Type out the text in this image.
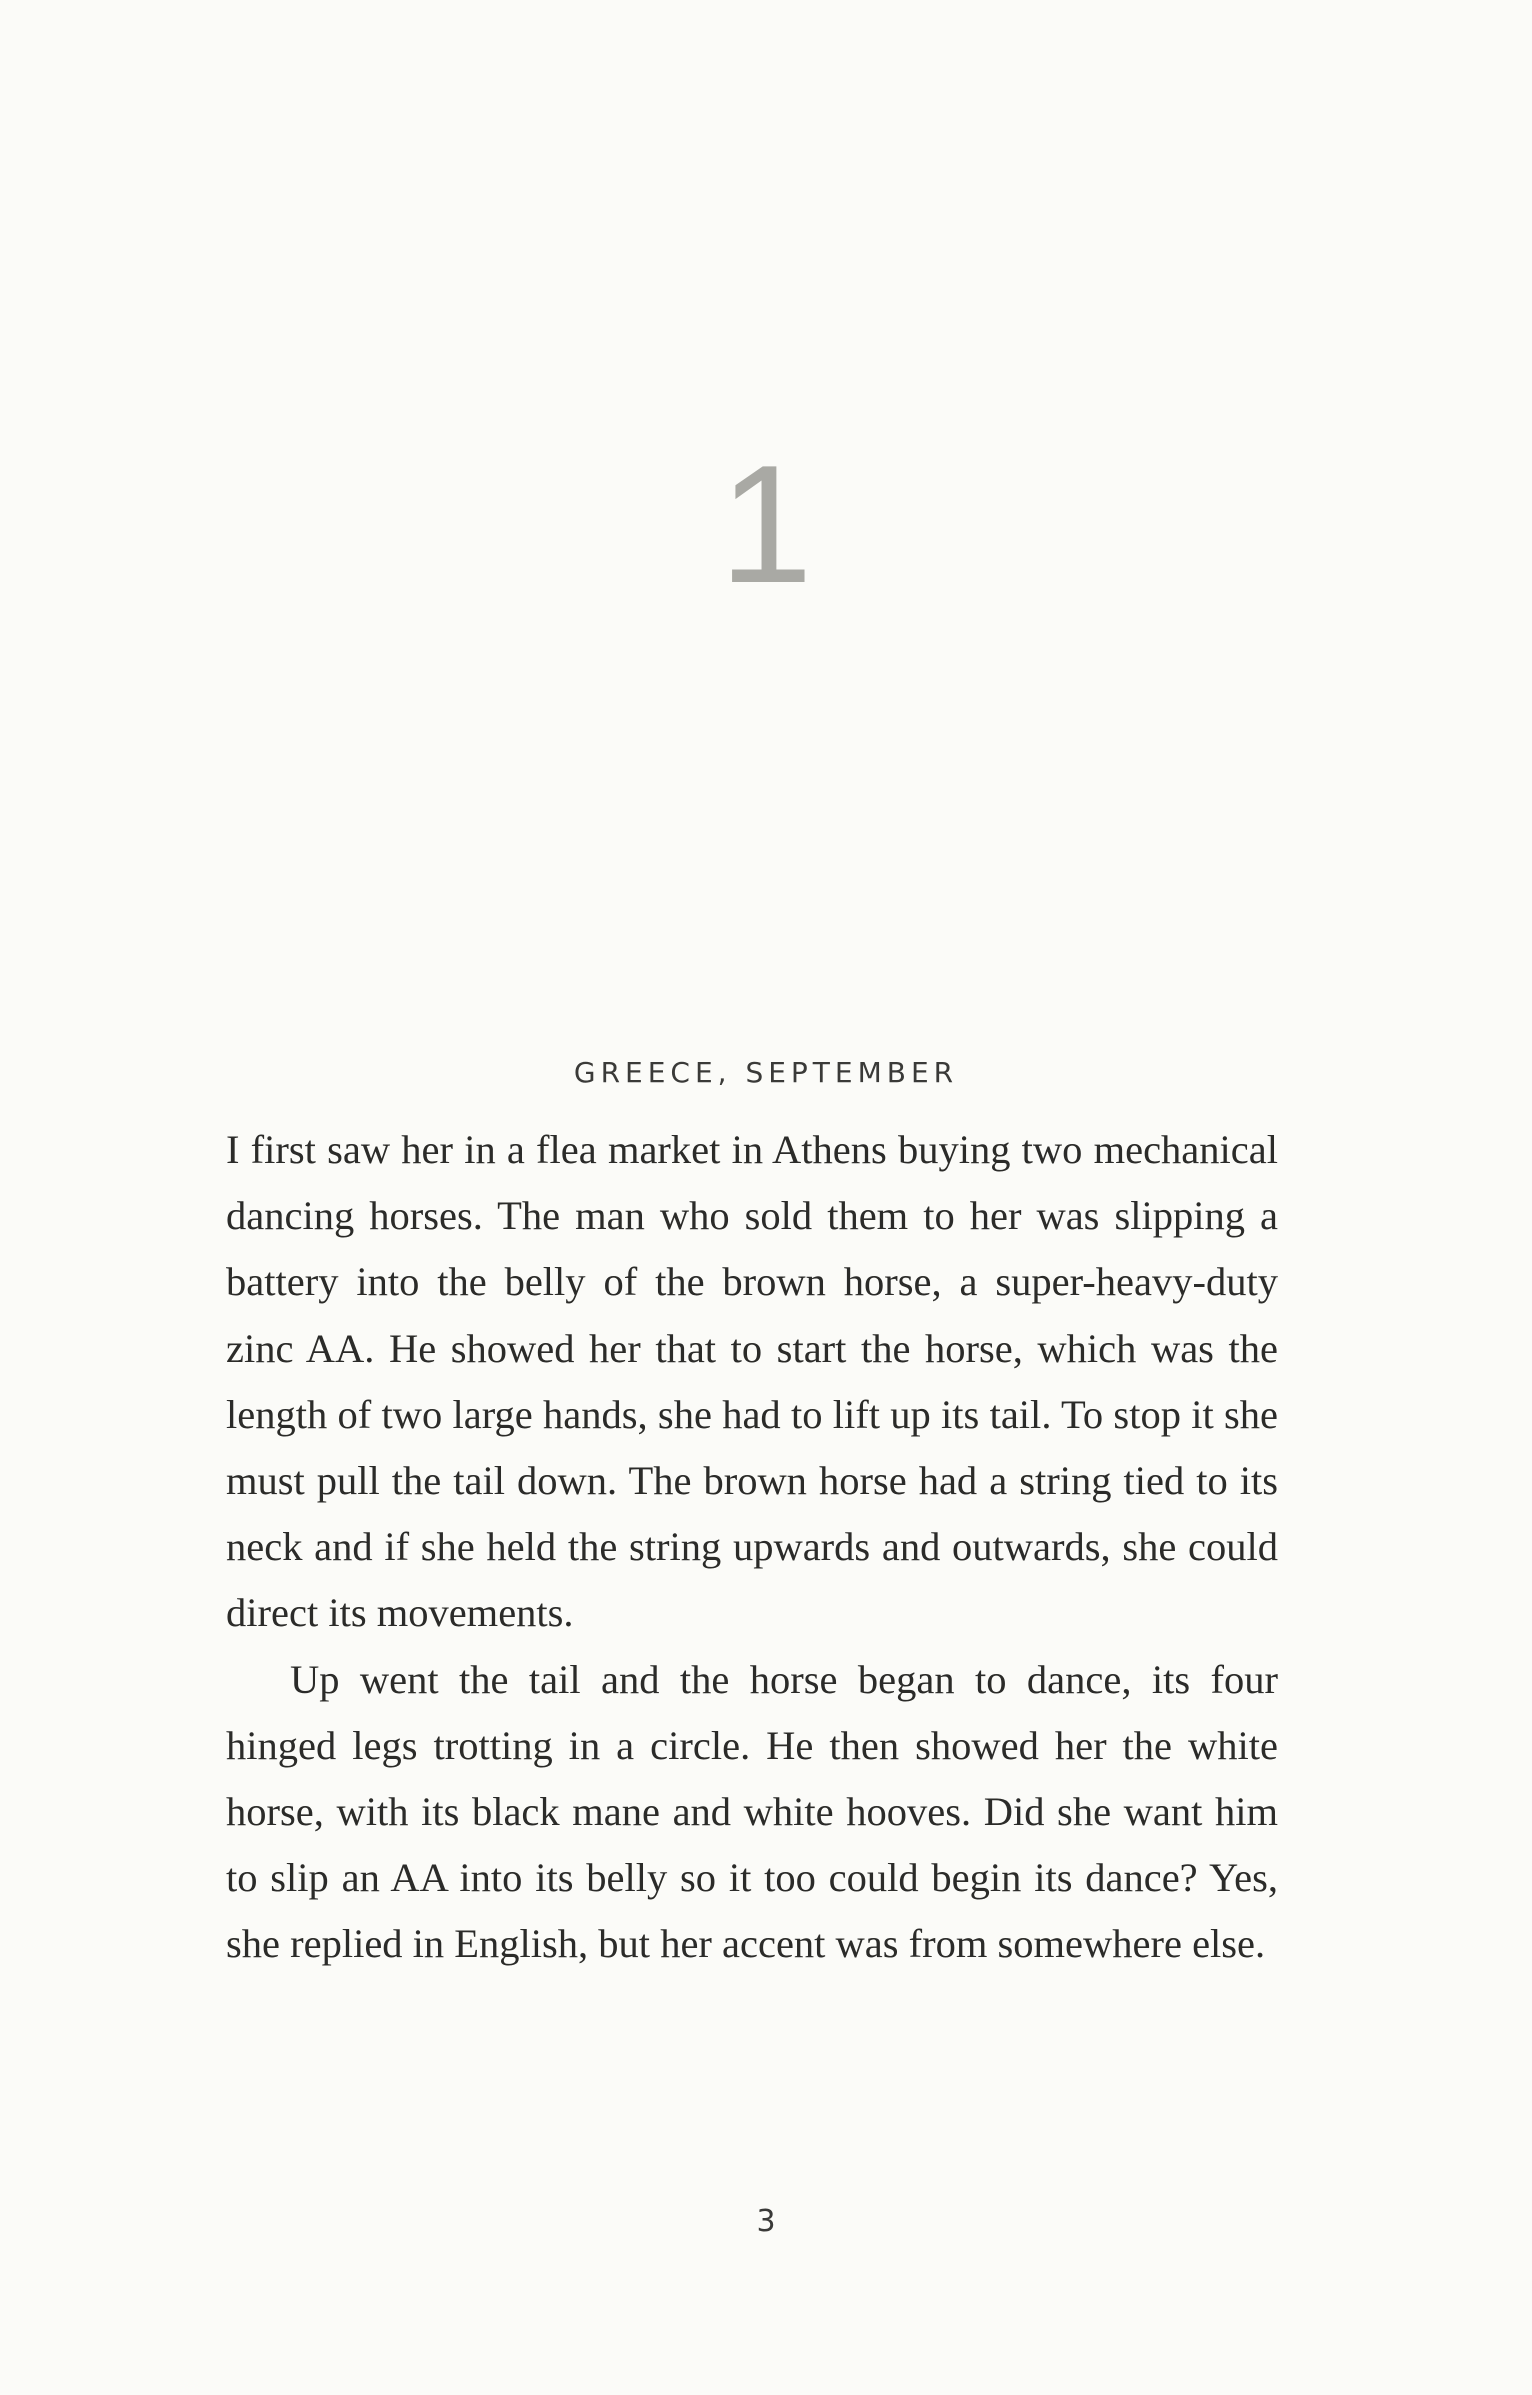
1
GREECE, SEPTEMBER

I first saw her in a flea market in Athens buying two mechanical dancing horses. The man who sold them to her was slipping a battery into the belly of the brown horse, a super-heavy-duty zinc AA. He showed her that to start the horse, which was the length of two large hands, she had to lift up its tail. To stop it she must pull the tail down. The brown horse had a string tied to its neck and if she held the string upwards and outwards, she could direct its movements.

Up went the tail and the horse began to dance, its four hinged legs trotting in a circle. He then showed her the white horse, with its black mane and white hooves. Did she want him to slip an AA into its belly so it too could begin its dance? Yes, she replied in English, but her accent was from somewhere else.

3
